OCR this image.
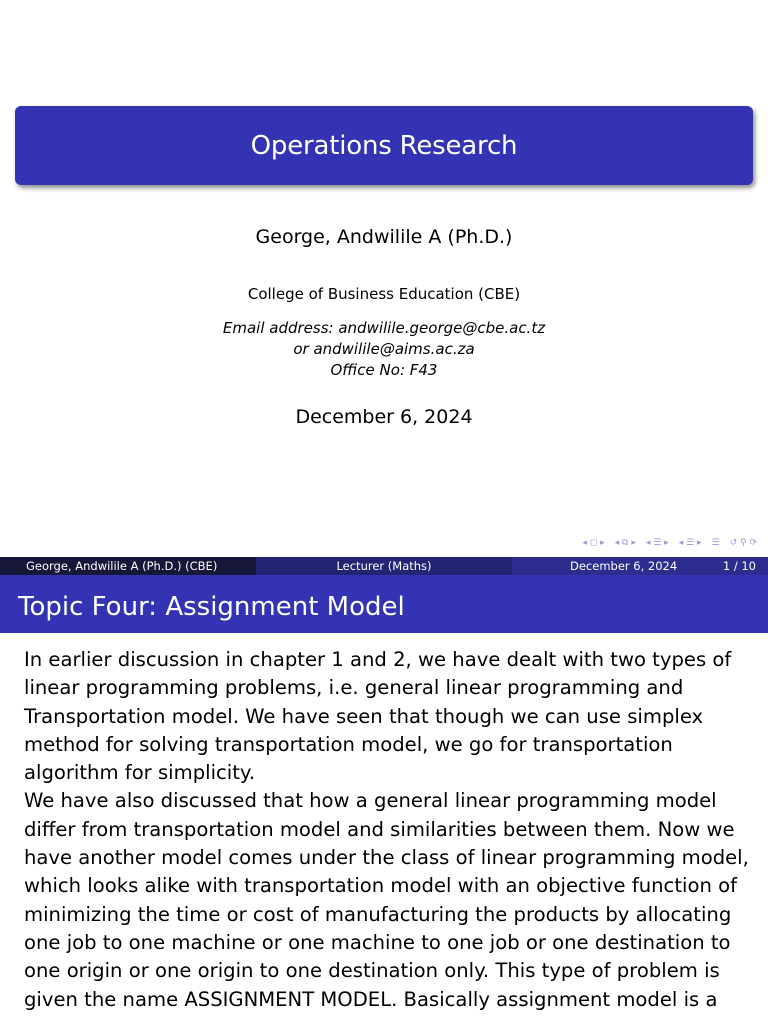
Operations Research
George, Andwilile A (Ph.D.)
College of Business Education (CBE)
Email address: andwilile.george@cbe.ac.tz
or andwilile@aims.ac.za
Office No: F43
December 6, 2024
◂ ◻ ▸	◂ ⧉ ▸	◂ ☰ ▸	◂ ☰ ▸	☰	↺ ⚲ ⟳
George, Andwilile A (Ph.D.) (CBE)	Lecturer (Maths)	December 6, 2024	1 / 10
Topic Four: Assignment Model
In earlier discussion in chapter 1 and 2, we have dealt with two types of
linear programming problems, i.e. general linear programming and
Transportation model. We have seen that though we can use simplex
method for solving transportation model, we go for transportation
algorithm for simplicity.
We have also discussed that how a general linear programming model
differ from transportation model and similarities between them. Now we
have another model comes under the class of linear programming model,
which looks alike with transportation model with an objective function of
minimizing the time or cost of manufacturing the products by allocating
one job to one machine or one machine to one job or one destination to
one origin or one origin to one destination only. This type of problem is
given the name ASSIGNMENT MODEL. Basically assignment model is a
